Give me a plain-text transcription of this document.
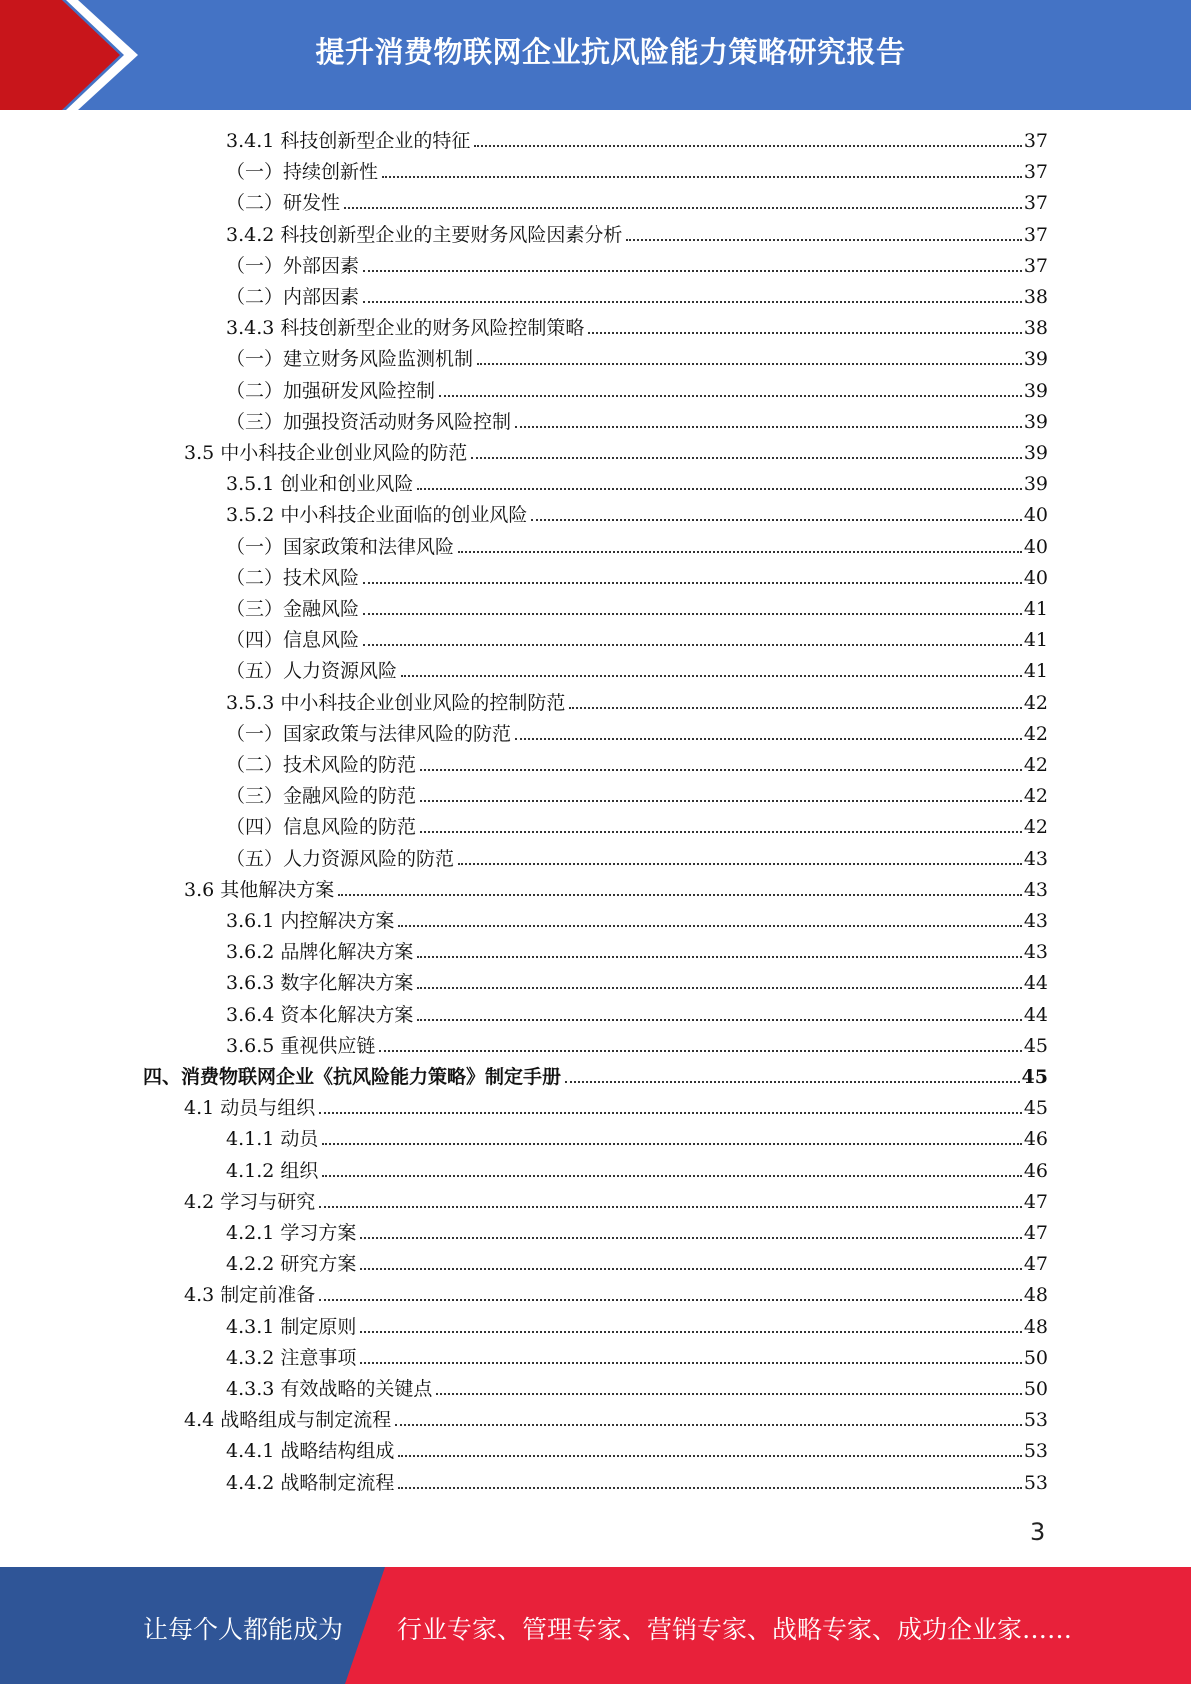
提升消费物联网企业抗风险能力策略研究报告
3.4.1 科技创新型企业的特征	37
（一）持续创新性	37
（二）研发性	37
3.4.2 科技创新型企业的主要财务风险因素分析	37
（一）外部因素	37
（二）内部因素	38
3.4.3 科技创新型企业的财务风险控制策略	38
（一）建立财务风险监测机制	39
（二）加强研发风险控制	39
（三）加强投资活动财务风险控制	39
3.5 中小科技企业创业风险的防范	39
3.5.1 创业和创业风险	39
3.5.2 中小科技企业面临的创业风险	40
（一）国家政策和法律风险	40
（二）技术风险	40
（三）金融风险	41
（四）信息风险	41
（五）人力资源风险	41
3.5.3 中小科技企业创业风险的控制防范	42
（一）国家政策与法律风险的防范	42
（二）技术风险的防范	42
（三）金融风险的防范	42
（四）信息风险的防范	42
（五）人力资源风险的防范	43
3.6 其他解决方案	43
3.6.1 内控解决方案	43
3.6.2 品牌化解决方案	43
3.6.3 数字化解决方案	44
3.6.4 资本化解决方案	44
3.6.5 重视供应链	45
四、消费物联网企业《抗风险能力策略》制定手册	45
4.1 动员与组织	45
4.1.1 动员	46
4.1.2 组织	46
4.2 学习与研究	47
4.2.1 学习方案	47
4.2.2 研究方案	47
4.3 制定前准备	48
4.3.1 制定原则	48
4.3.2 注意事项	50
4.3.3 有效战略的关键点	50
4.4 战略组成与制定流程	53
4.4.1 战略结构组成	53
4.4.2 战略制定流程	53
3
让每个人都能成为 行业专家、管理专家、营销专家、战略专家、成功企业家……
